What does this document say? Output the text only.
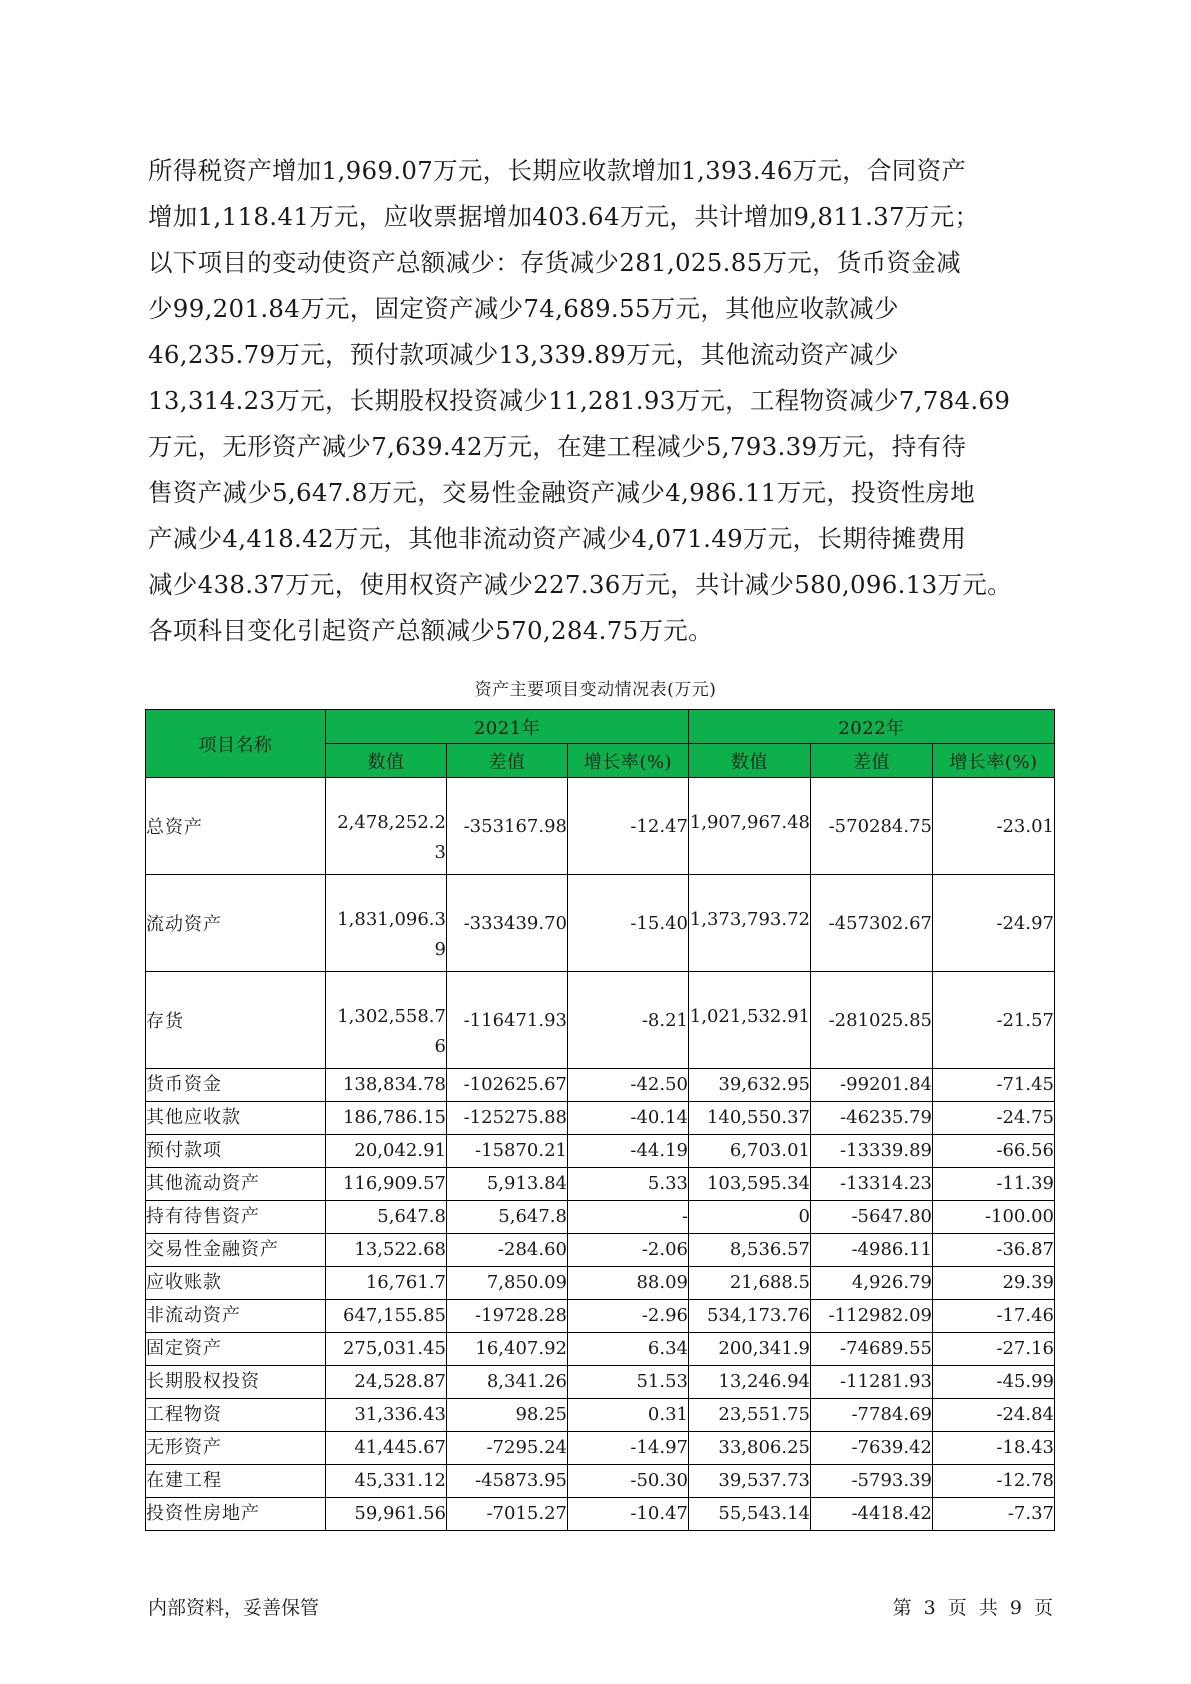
所得税资产增加1,969.07万元，长期应收款增加1,393.46万元，合同资产
增加1,118.41万元，应收票据增加403.64万元，共计增加9,811.37万元；
以下项目的变动使资产总额减少：存货减少281,025.85万元，货币资金减
少99,201.84万元，固定资产减少74,689.55万元，其他应收款减少
46,235.79万元，预付款项减少13,339.89万元，其他流动资产减少
13,314.23万元，长期股权投资减少11,281.93万元，工程物资减少7,784.69
万元，无形资产减少7,639.42万元，在建工程减少5,793.39万元，持有待
售资产减少5,647.8万元，交易性金融资产减少4,986.11万元，投资性房地
产减少4,418.42万元，其他非流动资产减少4,071.49万元，长期待摊费用
减少438.37万元，使用权资产减少227.36万元，共计减少580,096.13万元。
各项科目变化引起资产总额减少570,284.75万元。
资产主要项目变动情况表(万元)
项目名称	2021年			2022年		
	数值	差值	增长率(%)	数值	差值	增长率(%)
总资产	2,478,252.23	-353167.98	-12.47	1,907,967.48	-570284.75	-23.01
流动资产	1,831,096.39	-333439.70	-15.40	1,373,793.72	-457302.67	-24.97
存货	1,302,558.76	-116471.93	-8.21	1,021,532.91	-281025.85	-21.57
货币资金	138,834.78	-102625.67	-42.50	39,632.95	-99201.84	-71.45
其他应收款	186,786.15	-125275.88	-40.14	140,550.37	-46235.79	-24.75
预付款项	20,042.91	-15870.21	-44.19	6,703.01	-13339.89	-66.56
其他流动资产	116,909.57	5,913.84	5.33	103,595.34	-13314.23	-11.39
持有待售资产	5,647.8	5,647.8	-	0	-5647.80	-100.00
交易性金融资产	13,522.68	-284.60	-2.06	8,536.57	-4986.11	-36.87
应收账款	16,761.7	7,850.09	88.09	21,688.5	4,926.79	29.39
非流动资产	647,155.85	-19728.28	-2.96	534,173.76	-112982.09	-17.46
固定资产	275,031.45	16,407.92	6.34	200,341.9	-74689.55	-27.16
长期股权投资	24,528.87	8,341.26	51.53	13,246.94	-11281.93	-45.99
工程物资	31,336.43	98.25	0.31	23,551.75	-7784.69	-24.84
无形资产	41,445.67	-7295.24	-14.97	33,806.25	-7639.42	-18.43
在建工程	45,331.12	-45873.95	-50.30	39,537.73	-5793.39	-12.78
投资性房地产	59,961.56	-7015.27	-10.47	55,543.14	-4418.42	-7.37
内部资料，妥善保管	第 3 页 共 9 页
